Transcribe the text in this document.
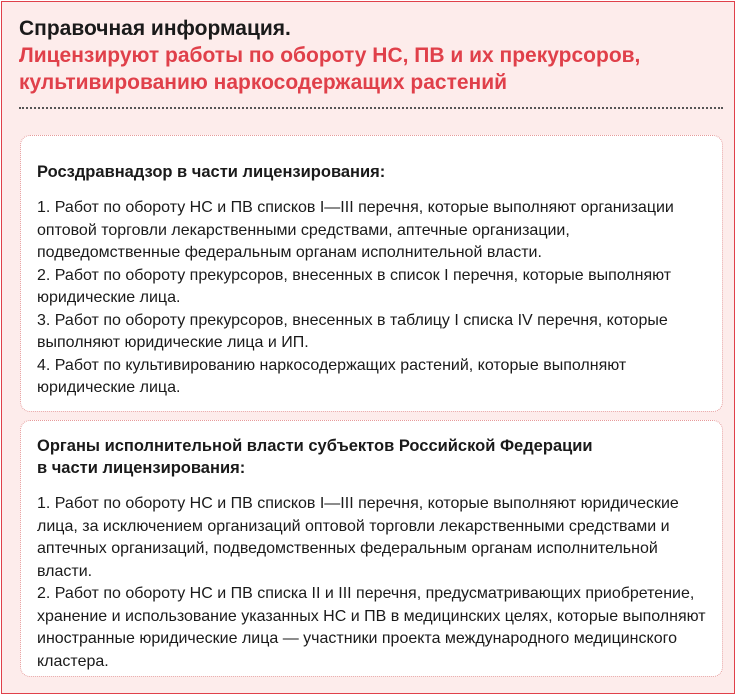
Справочная информация.

Лицензируют работы по обороту НС, ПВ и их прекурсоров,

культивированию наркосодержащих растений

Росздравнадзор в части лицензирования:

1. Работ по обороту НС и ПВ списков I—III перечня, которые выполняют организации оптовой торговли лекарственными средствами, аптечные организации, подведомственные федеральным органам исполнительной власти.

2. Работ по обороту прекурсоров, внесенных в список I перечня, которые выполняют юридические лица.

3. Работ по обороту прекурсоров, внесенных в таблицу I списка IV перечня, которые выполняют юридические лица и ИП.

4. Работ по культивированию наркосодержащих растений, которые выполняют юридические лица.

Органы исполнительной власти субъектов Российской Федерации

в части лицензирования:

1. Работ по обороту НС и ПВ списков I—III перечня, которые выполняют юридические лица, за исключением организаций оптовой торговли лекарственными средствами и аптечных организаций, подведомственных федеральным органам исполнительной власти.

2. Работ по обороту НС и ПВ списка II и III перечня, предусматривающих приобретение, хранение и использование указанных НС и ПВ в медицинских целях, которые выполняют иностранные юридические лица — участники проекта международного медицинского кластера.
